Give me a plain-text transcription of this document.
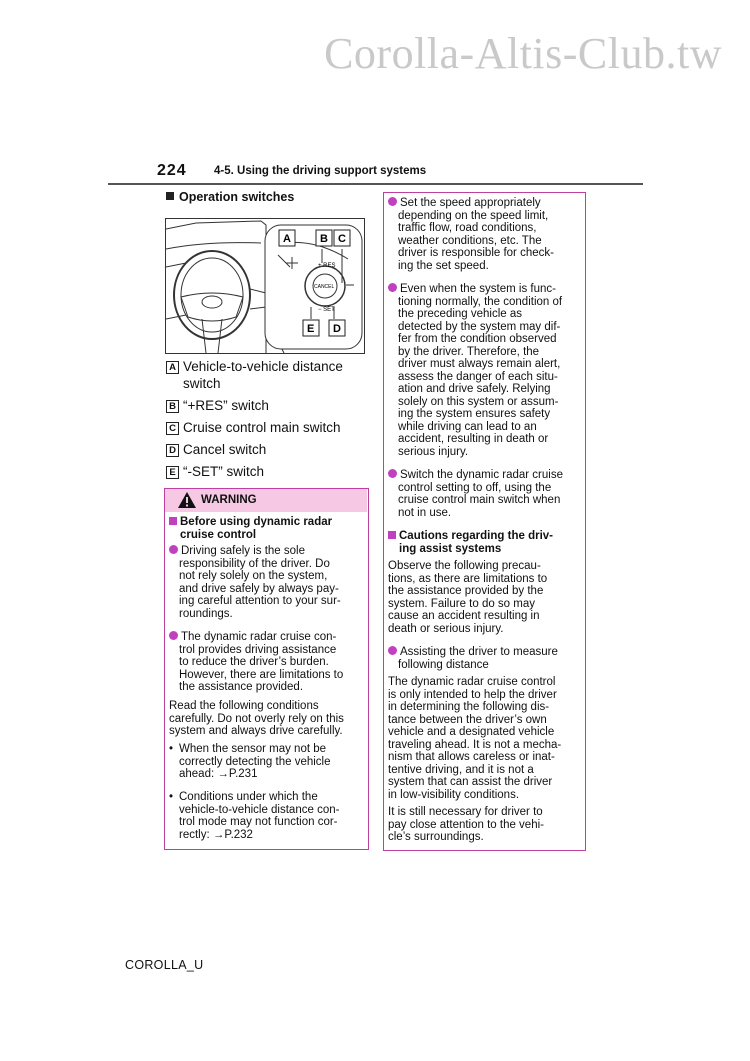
Corolla-Altis-Club.tw
224 4-5. Using the driving support systems
Operation switches
+ RES
− SET
CANCEL
A	B C
D
E
A Vehicle-to-vehicle distance
switch
B “+RES” switch
C Cruise control main switch
D Cancel switch
E “-SET” switch
WARNING
Before using dynamic radar
cruise control
Driving safely is the sole
responsibility of the driver. Do
not rely solely on the system,
and drive safely by always pay-
ing careful attention to your sur-
roundings.
The dynamic radar cruise con-
trol provides driving assistance
to reduce the driver’s burden.
However, there are limitations to
the assistance provided.
Read the following conditions
carefully. Do not overly rely on this
system and always drive carefully.
• When the sensor may not be
correctly detecting the vehicle
ahead: →P.231
• Conditions under which the
vehicle-to-vehicle distance con-
trol mode may not function cor-
rectly: →P.232
Set the speed appropriately
depending on the speed limit,
traffic flow, road conditions,
weather conditions, etc. The
driver is responsible for check-
ing the set speed.
Even when the system is func-
tioning normally, the condition of
the preceding vehicle as
detected by the system may dif-
fer from the condition observed
by the driver. Therefore, the
driver must always remain alert,
assess the danger of each situ-
ation and drive safely. Relying
solely on this system or assum-
ing the system ensures safety
while driving can lead to an
accident, resulting in death or
serious injury.
Switch the dynamic radar cruise
control setting to off, using the
cruise control main switch when
not in use.
Cautions regarding the driv-
ing assist systems
Observe the following precau-
tions, as there are limitations to
the assistance provided by the
system. Failure to do so may
cause an accident resulting in
death or serious injury.
Assisting the driver to measure
following distance
The dynamic radar cruise control
is only intended to help the driver
in determining the following dis-
tance between the driver’s own
vehicle and a designated vehicle
traveling ahead. It is not a mecha-
nism that allows careless or inat-
tentive driving, and it is not a
system that can assist the driver
in low-visibility conditions.
It is still necessary for driver to
pay close attention to the vehi-
cle’s surroundings.
COROLLA_U
